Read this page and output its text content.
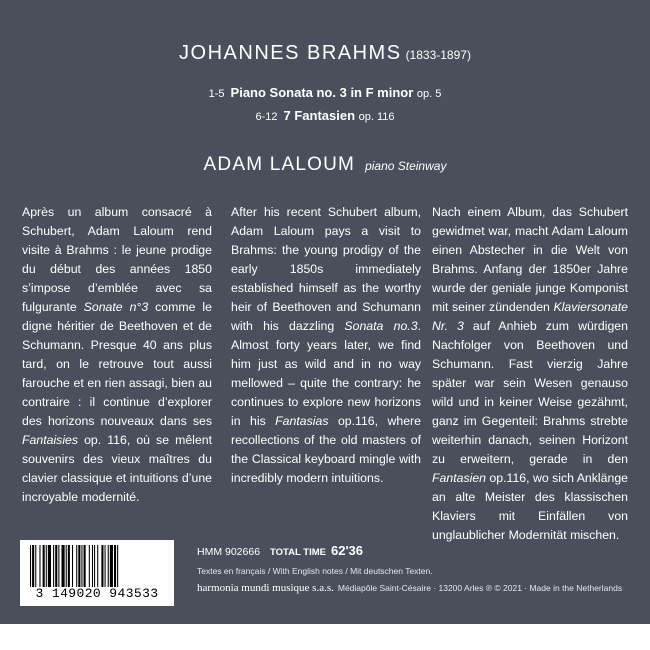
JOHANNES BRAHMS (1833-1897)
1-5 Piano Sonata no. 3 in F minor op. 5
6-12 7 Fantasien op. 116
ADAM LALOUM piano Steinway
Après un album consacré à Schubert, Adam Laloum rend visite à Brahms : le jeune prodige du début des années 1850 s’impose d’emblée avec sa fulgurante Sonate n°3 comme le digne héritier de Beethoven et de Schumann. Presque 40 ans plus tard, on le retrouve tout aussi farouche et en rien assagi, bien au contraire : il continue d’explorer des horizons nouveaux dans ses Fantaisies op. 116, où se mêlent souvenirs des vieux maîtres du clavier classique et intuitions d’une incroyable modernité.
After his recent Schubert album, Adam Laloum pays a visit to Brahms: the young prodigy of the early 1850s immediately established himself as the worthy heir of Beethoven and Schumann with his dazzling Sonata no.3. Almost forty years later, we find him just as wild and in no way mellowed – quite the contrary: he continues to explore new horizons in his Fantasias op.116, where recollections of the old masters of the Classical keyboard mingle with incredibly modern intuitions.
Nach einem Album, das Schubert gewidmet war, macht Adam Laloum einen Abstecher in die Welt von Brahms. Anfang der 1850er Jahre wurde der geniale junge Komponist mit seiner zündenden Klaviersonate Nr. 3 auf Anhieb zum würdigen Nachfolger von Beethoven und Schumann. Fast vierzig Jahre später war sein Wesen genauso wild und in keiner Weise gezähmt, ganz im Gegenteil: Brahms strebte weiterhin danach, seinen Horizont zu erweitern, gerade in den Fantasien op.116, wo sich Anklänge an alte Meister des klassischen Klaviers mit Einfällen von unglaublicher Modernität mischen.
3 149020 943533
HMM 902666 TOTAL TIME 62'36
Textes en français / With English notes / Mit deutschen Texten.
harmonia mundi musique s.a.s. Médiapôle Saint-Césaire · 13200 Arles ℗ © 2021 · Made in the Netherlands
